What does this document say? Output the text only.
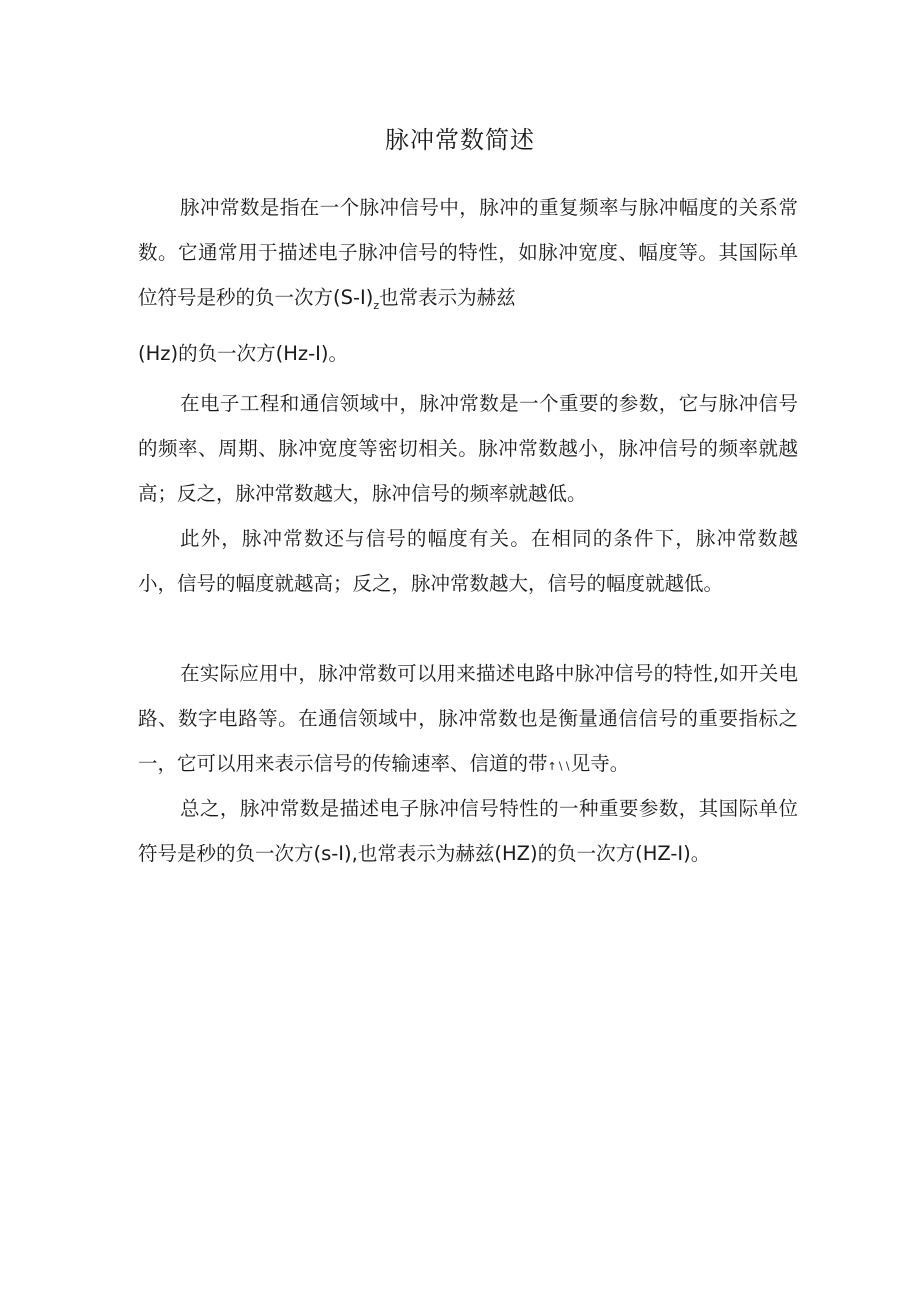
脉冲常数简述

脉冲常数是指在一个脉冲信号中，脉冲的重复频率与脉冲幅度的关系常数。它通常用于描述电子脉冲信号的特性，如脉冲宽度、幅度等。其国际单位符号是秒的负一次方$(S-I)_z$也常表示为赫兹
(Hz)的负一次方(Hz-I)。

在电子工程和通信领域中，脉冲常数是一个重要的参数，它与脉冲信号的频率、周期、脉冲宽度等密切相关。脉冲常数越小，脉冲信号的频率就越高；反之，脉冲常数越大，脉冲信号的频率就越低。

此外，脉冲常数还与信号的幅度有关。在相同的条件下，脉冲常数越小，信号的幅度就越高；反之，脉冲常数越大，信号的幅度就越低。

在实际应用中，脉冲常数可以用来描述电路中脉冲信号的特性,如开关电路、数字电路等。在通信领域中，脉冲常数也是衡量通信信号的重要指标之一，它可以用来表示信号的传输速率、信道的带↑∖∖见寺。

总之，脉冲常数是描述电子脉冲信号特性的一种重要参数，其国际单位符号是秒的负一次方(s-I),也常表示为赫兹(HZ)的负一次方(HZ-I)。
